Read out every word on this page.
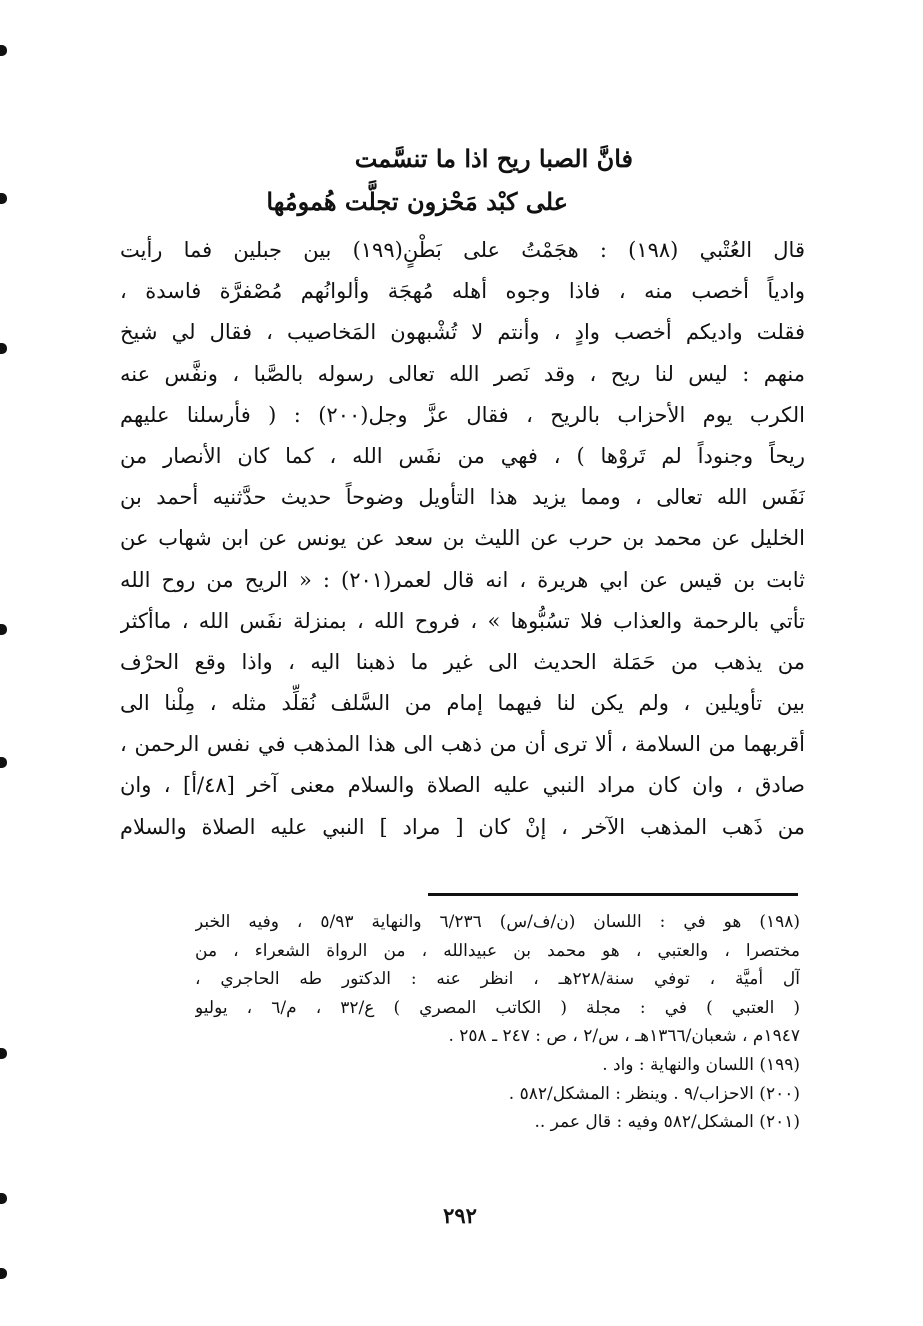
فانَّ الصبا ريح اذا ما تنسَّمت
على كبْد مَحْزون تجلَّت هُمومُها
قال العُتْبي (١٩٨) : هجَمْتُ على بَطْنٍ(١٩٩) بين جبلين فما رأيت
وادياً أخصب منه ، فاذا وجوه أهله مُهجَة وألوانُهم مُصْفرَّة فاسدة ،
فقلت واديكم أخصب وادٍ ، وأنتم لا تُشْبهون المَخاصيب ، فقال لي شيخ
منهم : ليس لنا ريح ، وقد نَصر الله تعالى رسوله بالصَّبا ، ونفَّس عنه
الكرب يوم الأحزاب بالريح ، فقال عزَّ وجل(٢٠٠) : ( فأرسلنا عليهم
ريحاً وجنوداً لم تَروْها ) ، فهي من نفَس الله ، كما كان الأنصار من
نَفَس الله تعالى ، ومما يزيد هذا التأويل وضوحاً حديث حدَّثنيه أحمد بن
الخليل عن محمد بن حرب عن الليث بن سعد عن يونس عن ابن شهاب عن
ثابت بن قيس عن ابي هريرة ، انه قال لعمر(٢٠١) : « الريح من روح الله
تأتي بالرحمة والعذاب فلا تسُبُّوها » ، فروح الله ، بمنزلة نفَس الله ، ماأكثر
من يذهب من حَمَلة الحديث الى غير ما ذهبنا اليه ، واذا وقع الحرْف
بين تأويلين ، ولم يكن لنا فيهما إمام من السَّلف نُقلِّد مثله ، مِلْنا الى
أقربهما من السلامة ، ألا ترى أن من ذهب الى هذا المذهب في نفس الرحمن ،
صادق ، وان كان مراد النبي عليه الصلاة والسلام معنى آخر [٤٨/أ] ، وان
من ذَهب المذهب الآخر ، إنْ كان [ مراد ] النبي عليه الصلاة والسلام
(١٩٨) هو في : اللسان (ن/ف/س) ٦/٢٣٦ والنهاية ٥/٩٣ ، وفيه الخبر
مختصرا ، والعتبي ، هو محمد بن عبيدالله ، من الرواة الشعراء ، من
آل أميَّة ، توفي سنة/٢٢٨هـ ، انظر عنه : الدكتور طه الحاجري ،
( العتبي ) في : مجلة ( الكاتب المصري ) ع/٣٢ ، م/٦ ، يوليو
١٩٤٧م ، شعبان/١٣٦٦هـ ، س/٢ ، ص : ٢٤٧ ـ ٢٥٨ .
(١٩٩) اللسان والنهاية : واد .
(٢٠٠) الاحزاب/٩ . وينظر : المشكل/٥٨٢ .
(٢٠١) المشكل/٥٨٢ وفيه : قال عمر ..
٢٩٢
